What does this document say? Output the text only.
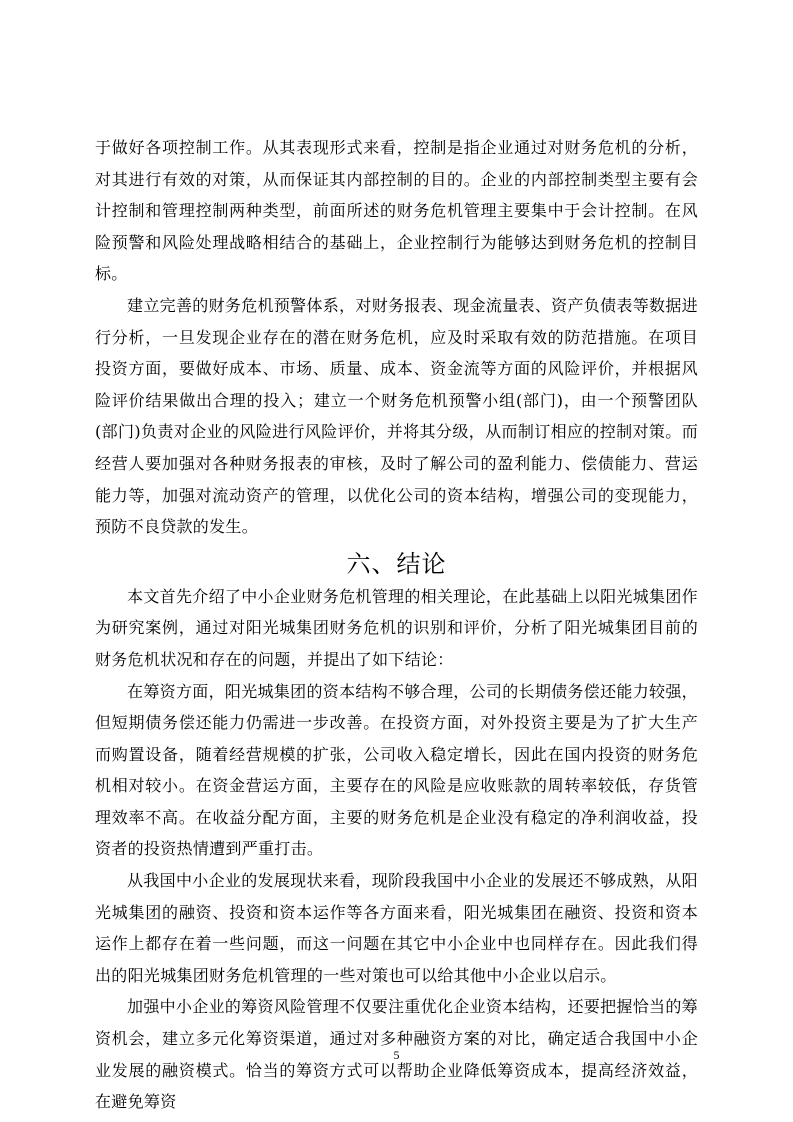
于做好各项控制工作。从其表现形式来看，控制是指企业通过对财务危机的分析，对其进行有效的对策，从而保证其内部控制的目的。企业的内部控制类型主要有会计控制和管理控制两种类型，前面所述的财务危机管理主要集中于会计控制。在风险预警和风险处理战略相结合的基础上，企业控制行为能够达到财务危机的控制目标。

建立完善的财务危机预警体系，对财务报表、现金流量表、资产负债表等数据进行分析，一旦发现企业存在的潜在财务危机，应及时采取有效的防范措施。在项目投资方面，要做好成本、市场、质量、成本、资金流等方面的风险评价，并根据风险评价结果做出合理的投入；建立一个财务危机预警小组(部门)，由一个预警团队(部门)负责对企业的风险进行风险评价，并将其分级，从而制订相应的控制对策。而经营人要加强对各种财务报表的审核，及时了解公司的盈利能力、偿债能力、营运能力等，加强对流动资产的管理，以优化公司的资本结构，增强公司的变现能力，预防不良贷款的发生。

六、结论

本文首先介绍了中小企业财务危机管理的相关理论，在此基础上以阳光城集团作为研究案例，通过对阳光城集团财务危机的识别和评价，分析了阳光城集团目前的财务危机状况和存在的问题，并提出了如下结论：

在筹资方面，阳光城集团的资本结构不够合理，公司的长期债务偿还能力较强，但短期债务偿还能力仍需进一步改善。在投资方面，对外投资主要是为了扩大生产而购置设备，随着经营规模的扩张，公司收入稳定增长，因此在国内投资的财务危机相对较小。在资金营运方面，主要存在的风险是应收账款的周转率较低，存货管理效率不高。在收益分配方面，主要的财务危机是企业没有稳定的净利润收益，投资者的投资热情遭到严重打击。

从我国中小企业的发展现状来看，现阶段我国中小企业的发展还不够成熟，从阳光城集团的融资、投资和资本运作等各方面来看，阳光城集团在融资、投资和资本运作上都存在着一些问题，而这一问题在其它中小企业中也同样存在。因此我们得出的阳光城集团财务危机管理的一些对策也可以给其他中小企业以启示。

加强中小企业的筹资风险管理不仅要注重优化企业资本结构，还要把握恰当的筹资机会，建立多元化筹资渠道，通过对多种融资方案的对比，确定适合我国中小企业发展的融资模式。恰当的筹资方式可以帮助企业降低筹资成本，提高经济效益，在避免筹资

5
